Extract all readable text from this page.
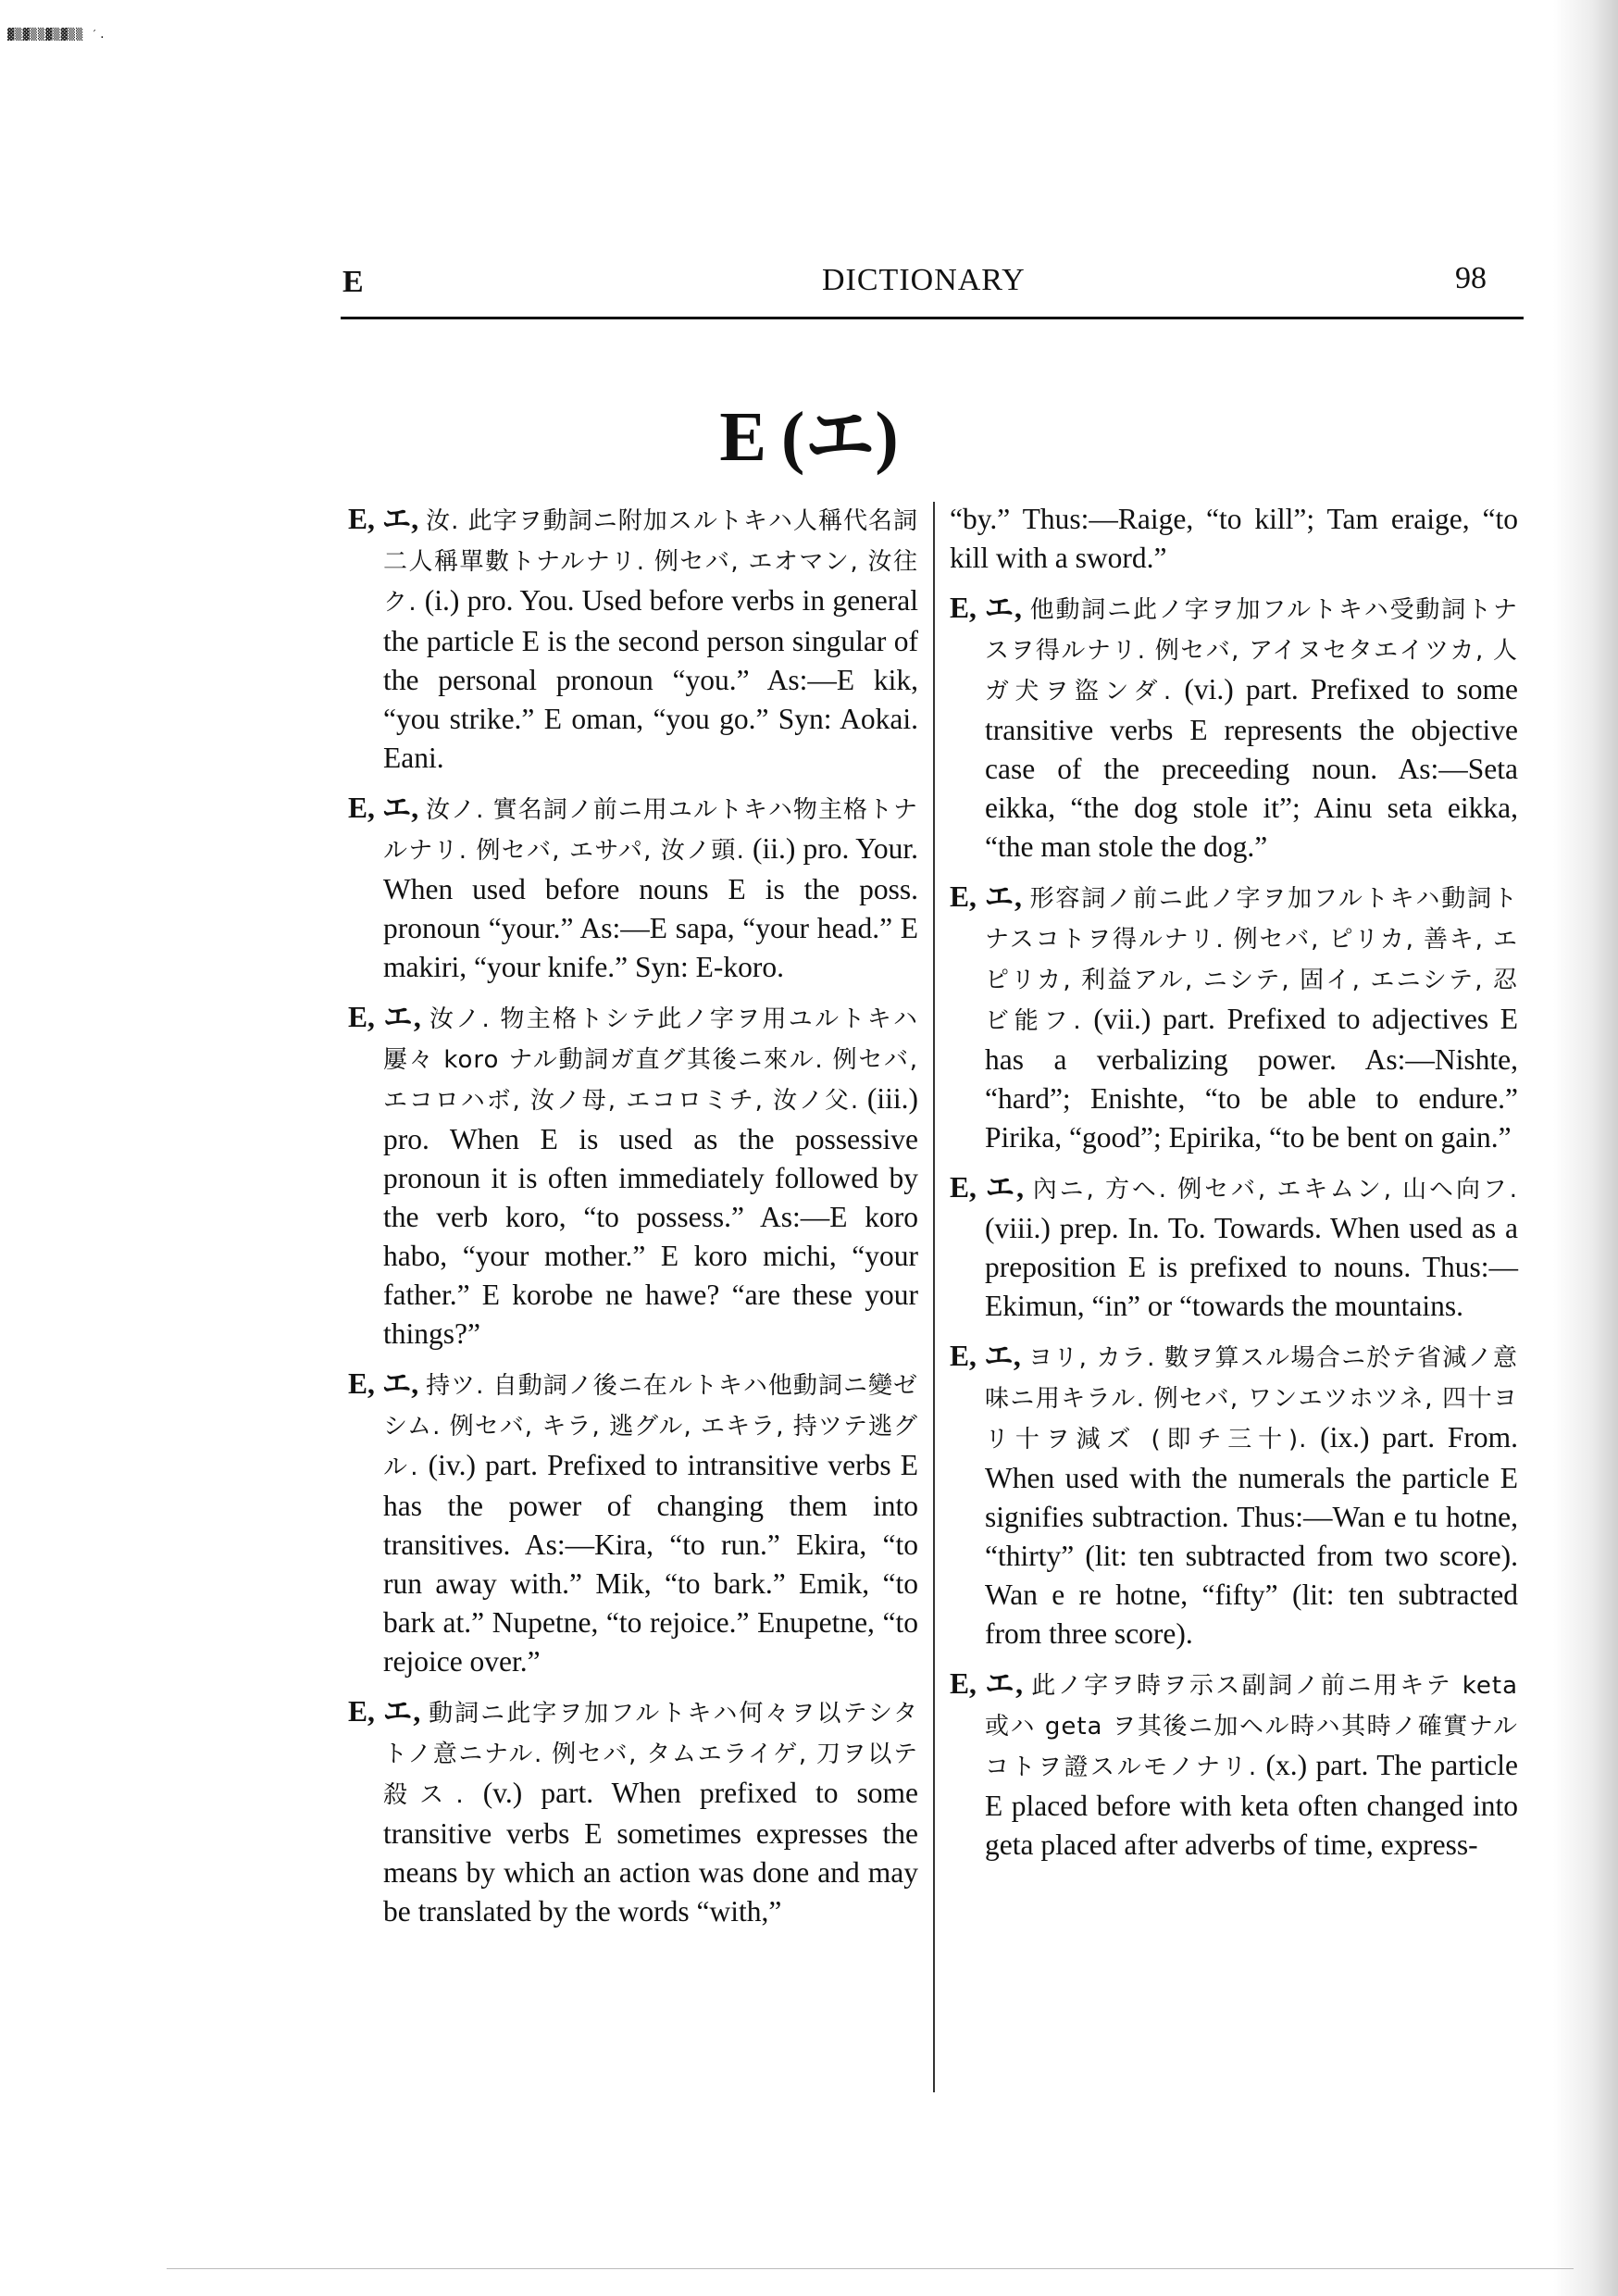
▓▒▓▒▒▓▒▓▒▒ ′.
E	DICTIONARY	98
E (エ)

E, エ, 汝. 此字ヲ動詞ニ附加スルトキハ人稱代名詞二人稱單數トナルナリ. 例セバ, エオマン, 汝往ク. (i.) pro. You. Used before verbs in general the particle E is the second person singular of the personal pronoun “you.” As:—E kik, “you strike.” E oman, “you go.” Syn: Aokai. Eani.

E, エ, 汝ノ. 實名詞ノ前ニ用ユルトキハ物主格トナルナリ. 例セバ, エサパ, 汝ノ頭. (ii.) pro. Your. When used before nouns E is the poss. pronoun “your.” As:—E sapa, “your head.” E makiri, “your knife.” Syn: E-koro.

E, エ, 汝ノ. 物主格トシテ此ノ字ヲ用ユルトキハ屢々 koro ナル動詞ガ直グ其後ニ來ル. 例セバ, エコロハボ, 汝ノ母, エコロミチ, 汝ノ父. (iii.) pro. When E is used as the possessive pronoun it is often immediately followed by the verb koro, “to possess.” As:—E koro habo, “your mother.” E koro michi, “your father.” E korobe ne hawe? “are these your things?”

E, エ, 持ツ. 自動詞ノ後ニ在ルトキハ他動詞ニ變ゼシム. 例セバ, キラ, 逃グル, エキラ, 持ツテ逃グル. (iv.) part. Prefixed to intransitive verbs E has the power of changing them into transitives. As:—Kira, “to run.” Ekira, “to run away with.” Mik, “to bark.” Emik, “to bark at.” Nupetne, “to rejoice.” Enupetne, “to rejoice over.”

E, エ, 動詞ニ此字ヲ加フルトキハ何々ヲ以テシタトノ意ニナル. 例セバ, タムエライゲ, 刀ヲ以テ殺ス. (v.) part. When prefixed to some transitive verbs E sometimes expresses the means by which an action was done and may be translated by the words “with,”

“by.” Thus:—Raige, “to kill”; Tam eraige, “to kill with a sword.”

E, エ, 他動詞ニ此ノ字ヲ加フルトキハ受動詞トナスヲ得ルナリ. 例セバ, アイヌセタエイツカ, 人ガ犬ヲ盜ンダ. (vi.) part. Prefixed to some transitive verbs E represents the objective case of the preceeding noun. As:—Seta eikka, “the dog stole it”; Ainu seta eikka, “the man stole the dog.”

E, エ, 形容詞ノ前ニ此ノ字ヲ加フルトキハ動詞トナスコトヲ得ルナリ. 例セバ, ピリカ, 善キ, エピリカ, 利益アル, ニシテ, 固イ, エニシテ, 忍ビ能フ. (vii.) part. Prefixed to adjectives E has a verbalizing power. As:—Nishte, “hard”; Enishte, “to be able to endure.” Pirika, “good”; Epirika, “to be bent on gain.”

E, エ, 內ニ, 方ヘ. 例セバ, エキムン, 山ヘ向フ. (viii.) prep. In. To. Towards. When used as a preposition E is prefixed to nouns. Thus:—Ekimun, “in” or “towards the mountains.

E, エ, ヨリ, カラ. 數ヲ算スル場合ニ於テ省減ノ意味ニ用キラル. 例セバ, ワンエツホツネ, 四十ヨリ十ヲ減ズ (即チ三十). (ix.) part. From. When used with the numerals the particle E signifies subtraction. Thus:—Wan e tu hotne, “thirty” (lit: ten subtracted from two score). Wan e re hotne, “fifty” (lit: ten subtracted from three score).

E, エ, 此ノ字ヲ時ヲ示ス副詞ノ前ニ用キテ keta 或ハ geta ヲ其後ニ加ヘル時ハ其時ノ確實ナルコトヲ證スルモノナリ. (x.) part. The particle E placed before with keta often changed into geta placed after adverbs of time, express-
